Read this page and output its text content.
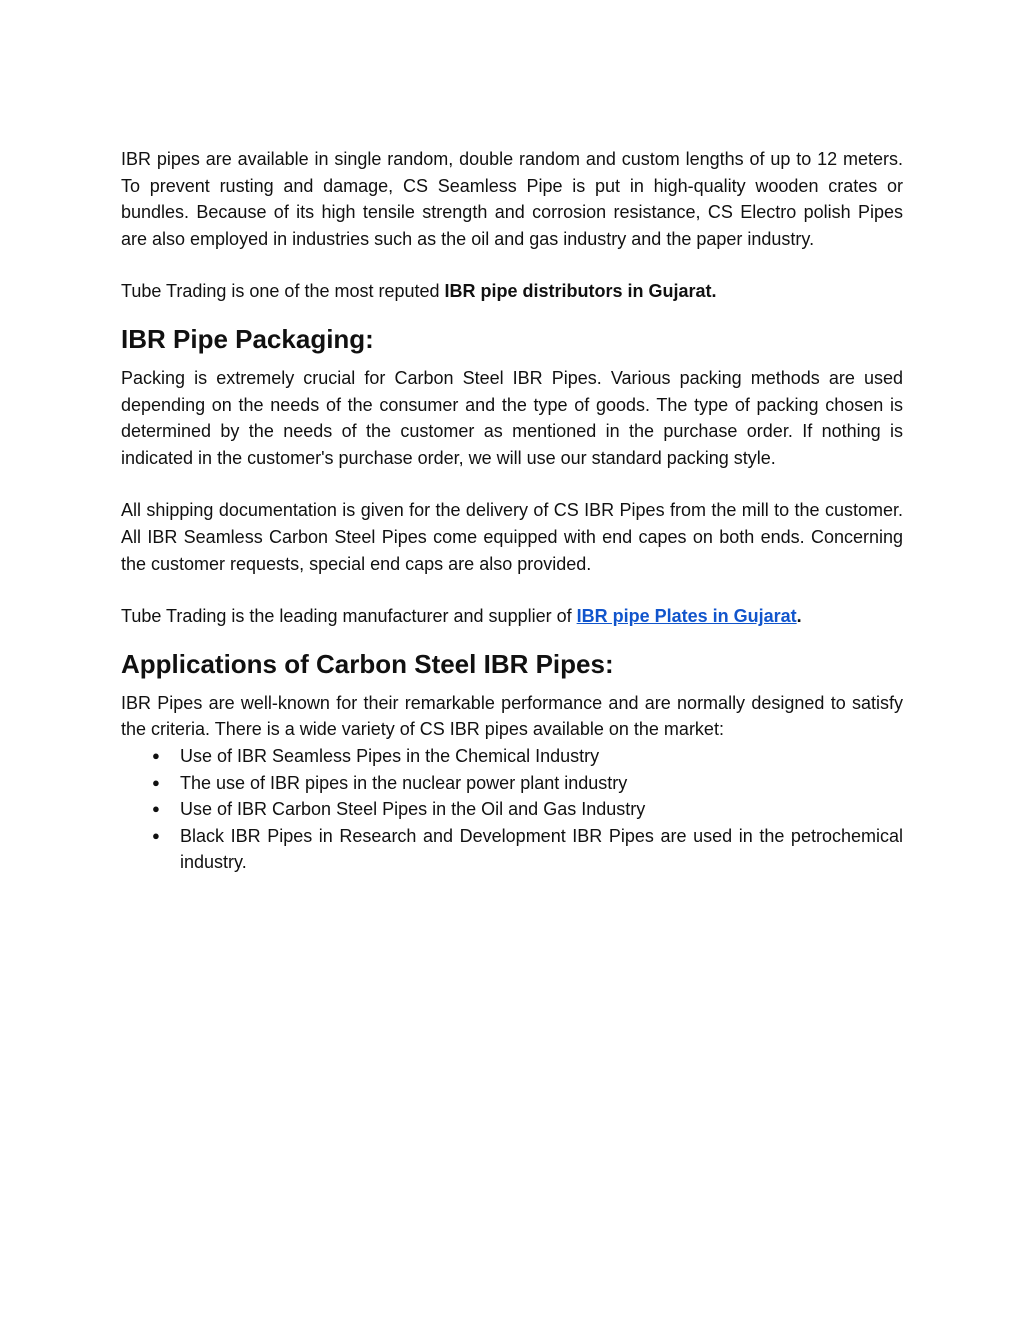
IBR pipes are available in single random, double random and custom lengths of up to 12 meters. To prevent rusting and damage, CS Seamless Pipe is put in high-quality wooden crates or bundles. Because of its high tensile strength and corrosion resistance, CS Electro polish Pipes are also employed in industries such as the oil and gas industry and the paper industry.

Tube Trading is one of the most reputed IBR pipe distributors in Gujarat.

IBR Pipe Packaging:

Packing is extremely crucial for Carbon Steel IBR Pipes. Various packing methods are used depending on the needs of the consumer and the type of goods. The type of packing chosen is determined by the needs of the customer as mentioned in the purchase order. If nothing is indicated in the customer's purchase order, we will use our standard packing style.

All shipping documentation is given for the delivery of CS IBR Pipes from the mill to the customer. All IBR Seamless Carbon Steel Pipes come equipped with end capes on both ends. Concerning the customer requests, special end caps are also provided.

Tube Trading is the leading manufacturer and supplier of IBR pipe Plates in Gujarat.

Applications of Carbon Steel IBR Pipes:

IBR Pipes are well-known for their remarkable performance and are normally designed to satisfy the criteria. There is a wide variety of CS IBR pipes available on the market:

● Use of IBR Seamless Pipes in the Chemical Industry
● The use of IBR pipes in the nuclear power plant industry
● Use of IBR Carbon Steel Pipes in the Oil and Gas Industry
● Black IBR Pipes in Research and Development IBR Pipes are used in the petrochemical industry.
